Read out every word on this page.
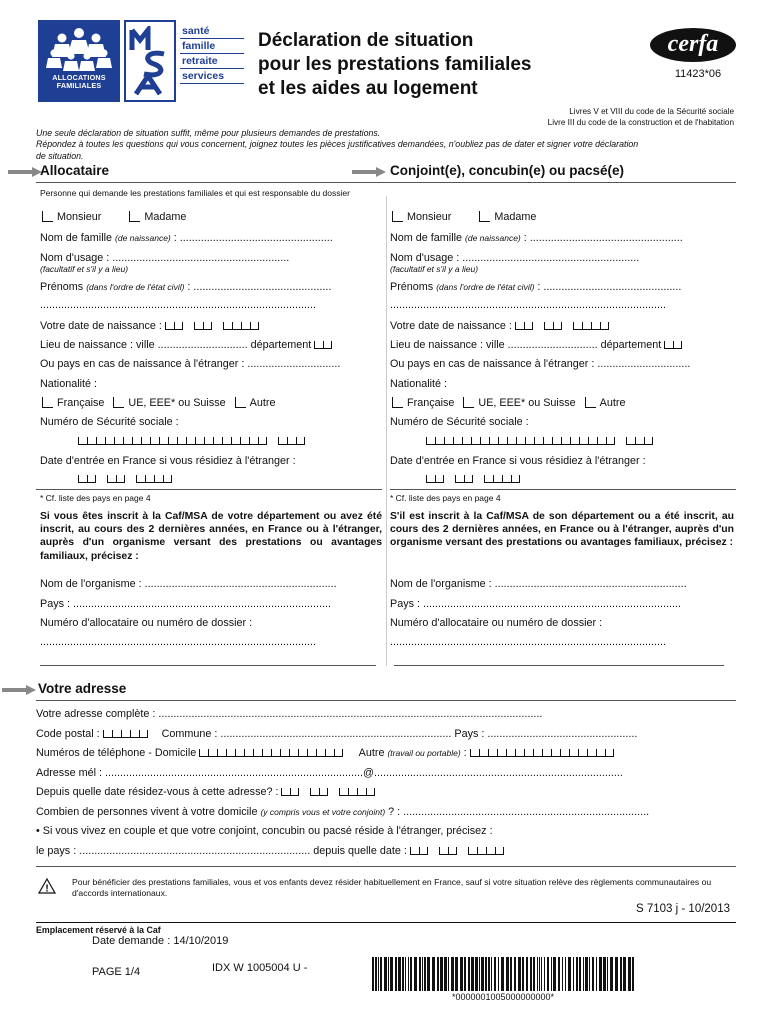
ALLOCATIONS FAMILIALES
santé
famille
retraite
services
Déclaration de situation
pour les prestations familiales
et les aides au logement
cerfa
11423*06
Livres V et VIII du code de la Sécurité sociale
Livre III du code de la construction et de l'habitation
Une seule déclaration de situation suffit, même pour plusieurs demandes de prestations.
Répondez à toutes les questions qui vous concernent, joignez toutes les pièces justificatives demandées, n'oubliez pas de dater et signer votre déclaration
de situation.
Allocataire	Conjoint(e), concubin(e) ou pacsé(e)
Personne qui demande les prestations familiales et qui est responsable du dossier
Monsieur	Madame
Nom de famille (de naissance) : ...................................................
Nom d'usage : ...........................................................
(facultatif et s'il y a lieu)
Prénoms (dans l'ordre de l'état civil) : ..............................................
............................................................................................
Votre date de naissance :
Lieu de naissance : ville .............................. département
Ou pays en cas de naissance à l'étranger : ...............................
Nationalité :
Française UE, EEE* ou Suisse Autre
Numéro de Sécurité sociale :

Date d'entrée en France si vous résidiez à l'étranger :

* Cf. liste des pays en page 4
Si vous êtes inscrit à la Caf/MSA de votre département ou avez été inscrit, au cours des 2 dernières années, en France ou à l'étranger, auprès d'un organisme versant des prestations ou avantages familiaux, précisez :
Nom de l'organisme : ................................................................
Pays : ......................................................................................
Numéro d'allocataire ou numéro de dossier :
............................................................................................
Monsieur	Madame
Nom de famille (de naissance) : ...................................................
Nom d'usage : ...........................................................
(facultatif et s'il y a lieu)
Prénoms (dans l'ordre de l'état civil) : ..............................................
............................................................................................
Votre date de naissance :
Lieu de naissance : ville .............................. département
Ou pays en cas de naissance à l'étranger : ...............................
Nationalité :
Française UE, EEE* ou Suisse Autre
Numéro de Sécurité sociale :

Date d'entrée en France si vous résidiez à l'étranger :

* Cf. liste des pays en page 4
S'il est inscrit à la Caf/MSA de son département ou a été inscrit, au cours des 2 dernières années, en France ou à l'étranger, auprès d'un organisme versant des prestations ou avantages familiaux, précisez :
Nom de l'organisme : ................................................................
Pays : ......................................................................................
Numéro d'allocataire ou numéro de dossier :
............................................................................................
Votre adresse
Votre adresse complète : ................................................................................................................................
Code postal :	Commune : ............................................................................. Pays : ..................................................
Numéros de téléphone - Domicile	Autre (travail ou portable) :
Adresse mél : ......................................................................................@...................................................................................
Depuis quelle date résidez-vous à cette adresse? :
Combien de personnes vivent à votre domicile (y compris vous et votre conjoint) ? : ..................................................................................
• Si vous vivez en couple et que votre conjoint, concubin ou pacsé réside à l'étranger, précisez :
le pays : ............................................................................. depuis quelle date :
!
Pour bénéficier des prestations familiales, vous et vos enfants devez résider habituellement en France, sauf si votre situation relève des règlements communautaires ou d'accords internationaux.
S 7103 j - 10/2013
Emplacement réservé à la Caf
Date demande : 14/10/2019
PAGE 1/4	IDX W 1005004 U -
*0000001005000000000*
